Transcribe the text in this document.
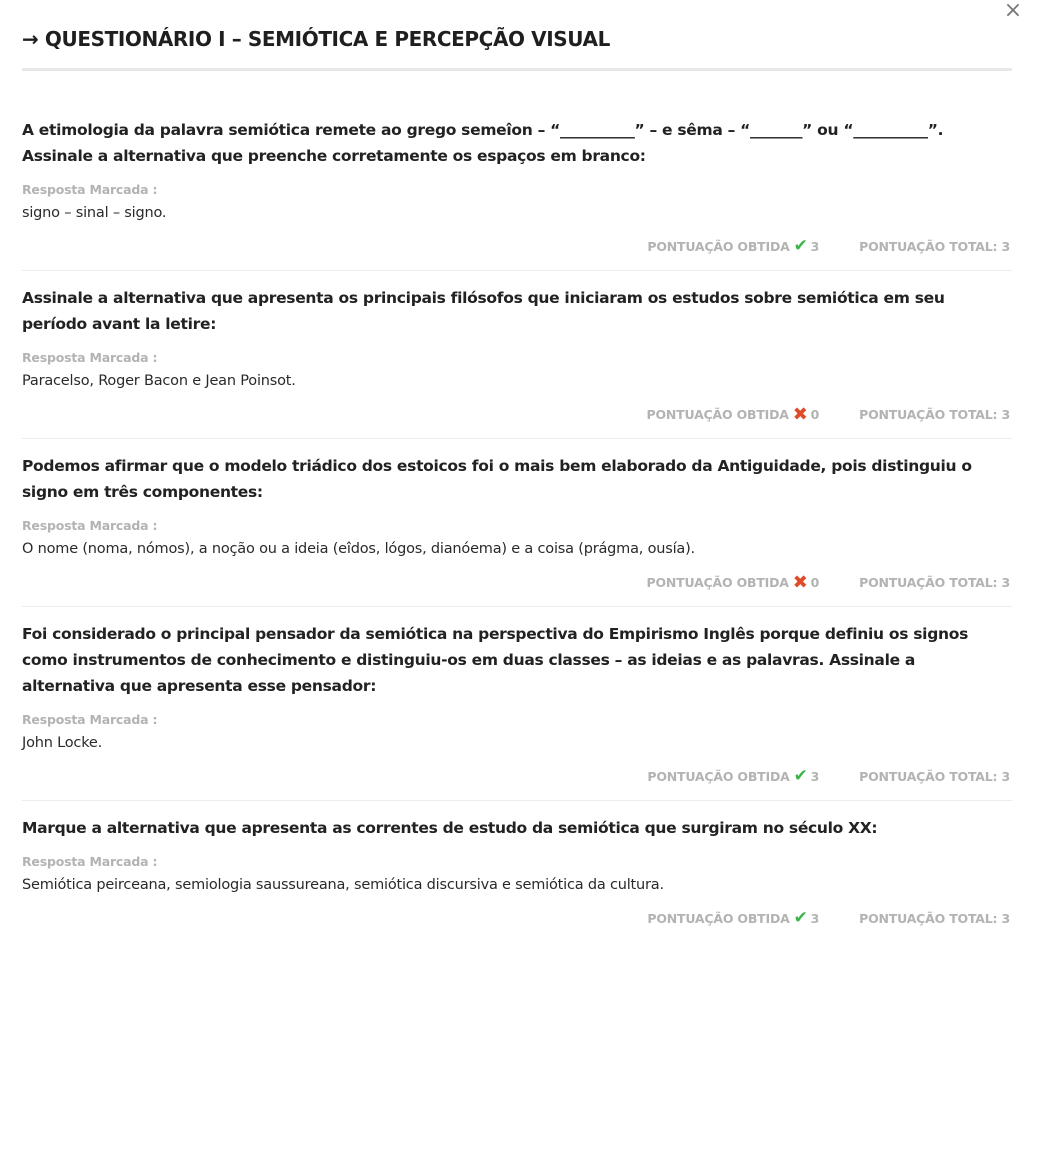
×
→ QUESTIONÁRIO I – SEMIÓTICA E PERCEPÇÃO VISUAL

A etimologia da palavra semiótica remete ao grego semeîon – “__________” – e sêma – “_______” ou “__________”. Assinale a alternativa que preenche corretamente os espaços em branco:

Resposta Marcada :

signo – sinal – signo.

PONTUAÇÃO OBTIDA ✔ 3	PONTUAÇÃO TOTAL: 3

Assinale a alternativa que apresenta os principais filósofos que iniciaram os estudos sobre semiótica em seu período avant la letire:

Resposta Marcada :

Paracelso, Roger Bacon e Jean Poinsot.

PONTUAÇÃO OBTIDA ✖ 0	PONTUAÇÃO TOTAL: 3

Podemos afirmar que o modelo triádico dos estoicos foi o mais bem elaborado da Antiguidade, pois distinguiu o signo em três componentes:

Resposta Marcada :

O nome (noma, nómos), a noção ou a ideia (eîdos, lógos, dianóema) e a coisa (prágma, ousía).

PONTUAÇÃO OBTIDA ✖ 0	PONTUAÇÃO TOTAL: 3

Foi considerado o principal pensador da semiótica na perspectiva do Empirismo Inglês porque definiu os signos como instrumentos de conhecimento e distinguiu-os em duas classes – as ideias e as palavras. Assinale a alternativa que apresenta esse pensador:

Resposta Marcada :

John Locke.

PONTUAÇÃO OBTIDA ✔ 3	PONTUAÇÃO TOTAL: 3

Marque a alternativa que apresenta as correntes de estudo da semiótica que surgiram no século XX:

Resposta Marcada :

Semiótica peirceana, semiologia saussureana, semiótica discursiva e semiótica da cultura.

PONTUAÇÃO OBTIDA ✔ 3	PONTUAÇÃO TOTAL: 3
